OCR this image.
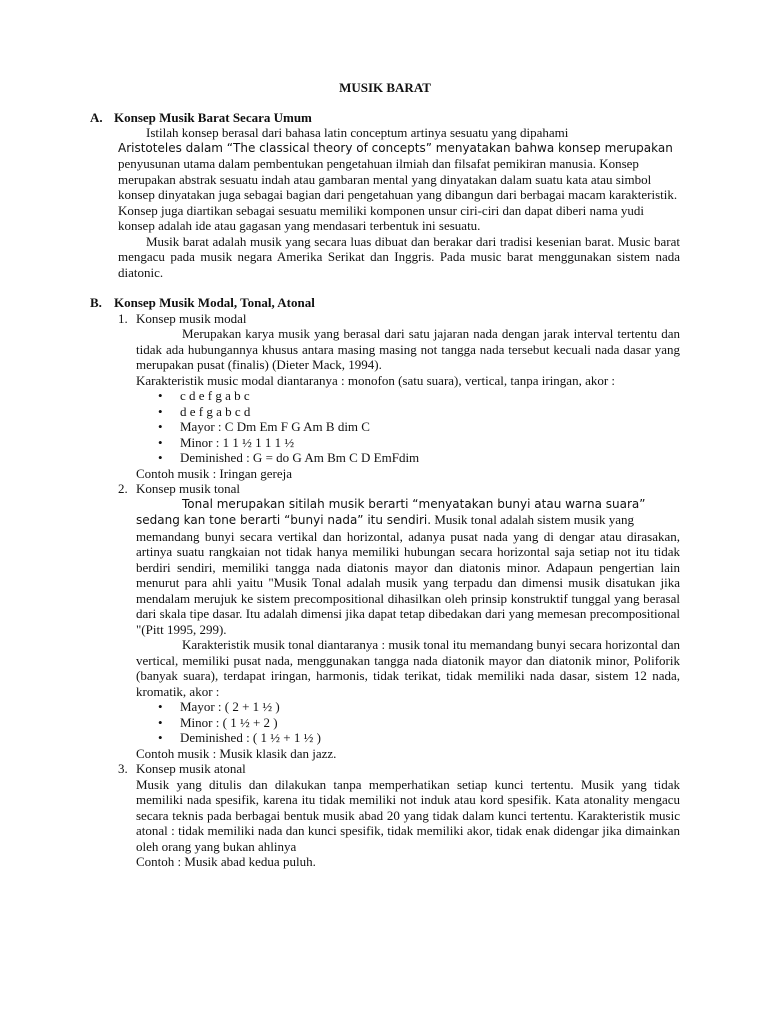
MUSIK BARAT

A. Konsep Musik Barat Secara Umum

Istilah konsep berasal dari bahasa latin conceptum artinya sesuatu yang dipahami

Aristoteles dalam “The classical theory of concepts” menyatakan bahwa konsep merupakan

penyusunan utama dalam pembentukan pengetahuan ilmiah dan filsafat pemikiran manusia. Konsep merupakan abstrak sesuatu indah atau gambaran mental yang dinyatakan dalam suatu kata atau simbol konsep dinyatakan juga sebagai bagian dari pengetahuan yang dibangun dari berbagai macam karakteristik. Konsep juga diartikan sebagai sesuatu memiliki komponen unsur ciri-ciri dan dapat diberi nama yudi konsep adalah ide atau gagasan yang mendasari terbentuk ini sesuatu.

Musik barat adalah musik yang secara luas dibuat dan berakar dari tradisi kesenian barat. Music barat mengacu pada musik negara Amerika Serikat dan Inggris. Pada music barat menggunakan sistem nada diatonic.

B. Konsep Musik Modal, Tonal, Atonal
1. Konsep musik modal

Merupakan karya musik yang berasal dari satu jajaran nada dengan jarak interval tertentu dan tidak ada hubungannya khusus antara masing masing not tangga nada tersebut kecuali nada dasar yang merupakan pusat (finalis) (Dieter Mack, 1994).

Karakteristik music modal diantaranya : monofon (satu suara), vertical, tanpa iringan, akor :

• c d e f g a b c
• d e f g a b c d
• Mayor : C Dm Em F G Am B dim C
• Minor : 1 1 ½ 1 1 1 ½
• Deminished : G = do G Am Bm C D EmFdim

Contoh musik : Iringan gereja

2. Konsep musik tonal

Tonal merupakan sitilah musik berarti “menyatakan bunyi atau warna suara”

sedang kan tone berarti “bunyi nada” itu sendiri. Musik tonal adalah sistem musik yang

memandang bunyi secara vertikal dan horizontal, adanya pusat nada yang di dengar atau dirasakan, artinya suatu rangkaian not tidak hanya memiliki hubungan secara horizontal saja setiap not itu tidak berdiri sendiri, memiliki tangga nada diatonis mayor dan diatonis minor. Adapaun pengertian lain menurut para ahli yaitu "Musik Tonal adalah musik yang terpadu dan dimensi musik disatukan jika mendalam merujuk ke sistem precompositional dihasilkan oleh prinsip konstruktif tunggal yang berasal dari skala tipe dasar. Itu adalah dimensi jika dapat tetap dibedakan dari yang memesan precompositional "(Pitt 1995, 299).

Karakteristik musik tonal diantaranya : musik tonal itu memandang bunyi secara horizontal dan vertical, memiliki pusat nada, menggunakan tangga nada diatonik mayor dan diatonik minor, Poliforik (banyak suara), terdapat iringan, harmonis, tidak terikat, tidak memiliki nada dasar, sistem 12 nada, kromatik, akor :

• Mayor : ( 2 + 1 ½ )
• Minor : ( 1 ½ + 2 )
• Deminished : ( 1 ½ + 1 ½ )

Contoh musik : Musik klasik dan jazz.

3. Konsep musik atonal

Musik yang ditulis dan dilakukan tanpa memperhatikan setiap kunci tertentu. Musik yang tidak memiliki nada spesifik, karena itu tidak memiliki not induk atau kord spesifik. Kata atonality mengacu secara teknis pada berbagai bentuk musik abad 20 yang tidak dalam kunci tertentu. Karakteristik music atonal : tidak memiliki nada dan kunci spesifik, tidak memiliki akor, tidak enak didengar jika dimainkan oleh orang yang bukan ahlinya

Contoh : Musik abad kedua puluh.
